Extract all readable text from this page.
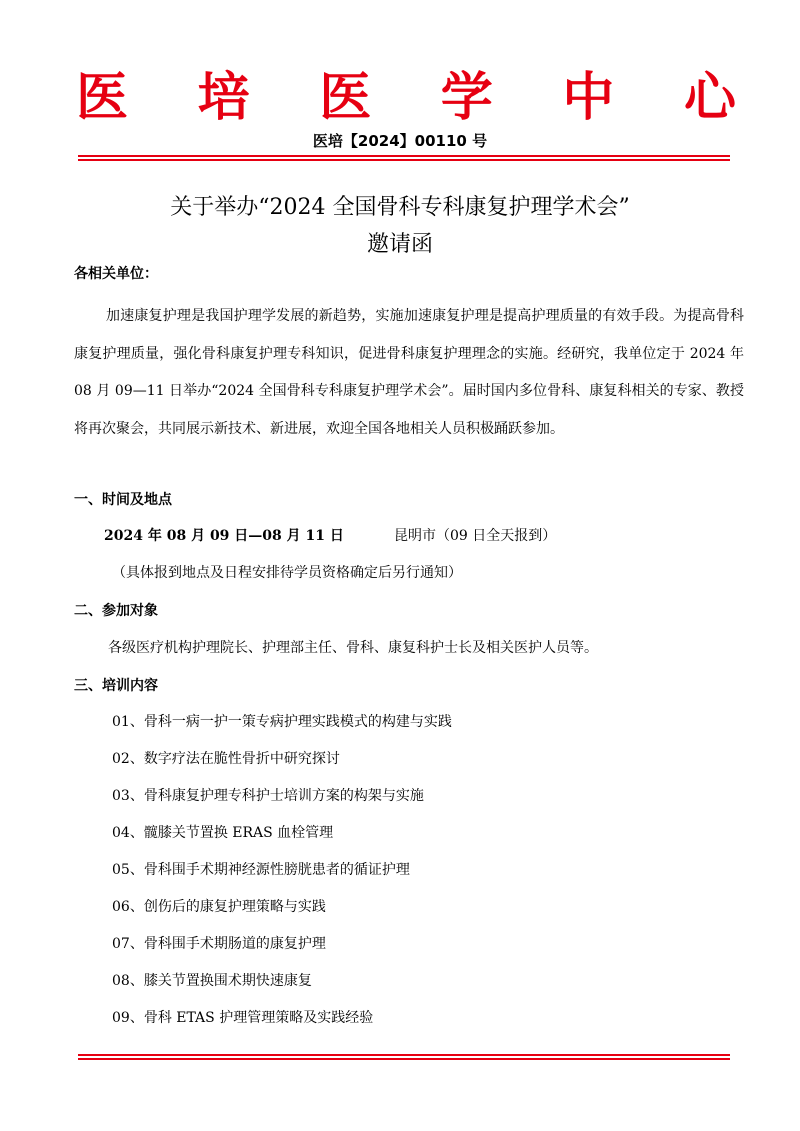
医 培 医 学 中 心
医培【2024】00110 号
关于举办“2024 全国骨科专科康复护理学术会”
邀请函
各相关单位：
加速康复护理是我国护理学发展的新趋势，实施加速康复护理是提高护理质量的有效手段。为提高骨科康复护理质量，强化骨科康复护理专科知识，促进骨科康复护理理念的实施。经研究，我单位定于 2024 年 08 月 09—11 日举办“2024 全国骨科专科康复护理学术会”。届时国内多位骨科、康复科相关的专家、教授将再次聚会，共同展示新技术、新进展，欢迎全国各地相关人员积极踊跃参加。
一、时间及地点
2024 年 08 月 09 日—08 月 11 日	昆明市（09 日全天报到）
（具体报到地点及日程安排待学员资格确定后另行通知）
二、参加对象
各级医疗机构护理院长、护理部主任、骨科、康复科护士长及相关医护人员等。
三、培训内容
01、骨科一病一护一策专病护理实践模式的构建与实践
02、数字疗法在脆性骨折中研究探讨
03、骨科康复护理专科护士培训方案的构架与实施
04、髋膝关节置换 ERAS 血栓管理
05、骨科围手术期神经源性膀胱患者的循证护理
06、创伤后的康复护理策略与实践
07、骨科围手术期肠道的康复护理
08、膝关节置换围术期快速康复
09、骨科 ETAS 护理管理策略及实践经验
